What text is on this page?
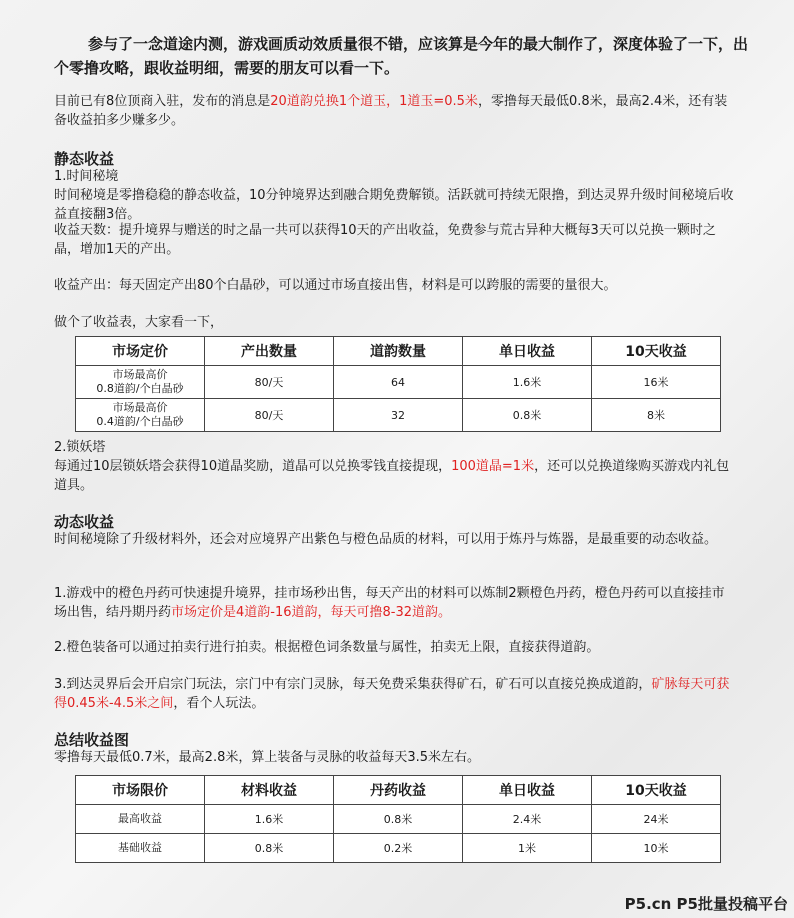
参与了一念道途内测，游戏画质动效质量很不错，应该算是今年的最大制作了，深度体验了一下，出个零撸攻略，跟收益明细，需要的朋友可以看一下。

目前已有8位顶商入驻，发布的消息是20道韵兑换1个道玉，1道玉=0.5米，零撸每天最低0.8米，最高2.4米，还有装备收益拍多少赚多少。

静态收益
1.时间秘境

时间秘境是零撸稳稳的静态收益，10分钟境界达到融合期免费解锁。活跃就可持续无限撸，到达灵界升级时间秘境后收益直接翻3倍。

收益天数：提升境界与赠送的时之晶一共可以获得10天的产出收益，免费参与荒古异种大概每3天可以兑换一颗时之晶，增加1天的产出。

收益产出：每天固定产出80个白晶砂，可以通过市场直接出售，材料是可以跨服的需要的量很大。

做个了收益表，大家看一下，
市场定价	产出数量	道韵数量	单日收益	10天收益
市场最高价
0.8道韵/个白晶砂	80/天	64	1.6米	16米
市场最高价
0.4道韵/个白晶砂	80/天	32	0.8米	8米
2.锁妖塔

每通过10层锁妖塔会获得10道晶奖励，道晶可以兑换零钱直接提现，100道晶=1米，还可以兑换道缘购买游戏内礼包道具。

动态收益

时间秘境除了升级材料外，还会对应境界产出紫色与橙色品质的材料，可以用于炼丹与炼器，是最重要的动态收益。

1.游戏中的橙色丹药可快速提升境界，挂市场秒出售，每天产出的材料可以炼制2颗橙色丹药，橙色丹药可以直接挂市场出售，结丹期丹药市场定价是4道韵-16道韵，每天可撸8-32道韵。

2.橙色装备可以通过拍卖行进行拍卖。根据橙色词条数量与属性，拍卖无上限，直接获得道韵。

3.到达灵界后会开启宗门玩法，宗门中有宗门灵脉，每天免费采集获得矿石，矿石可以直接兑换成道韵，矿脉每天可获得0.45米-4.5米之间，看个人玩法。

总结收益图

零撸每天最低0.7米，最高2.8米，算上装备与灵脉的收益每天3.5米左右。

市场限价	材料收益	丹药收益	单日收益	10天收益
最高收益	1.6米	0.8米	2.4米	24米
基础收益	0.8米	0.2米	1米	10米
P5.cn P5批量投稿平台
